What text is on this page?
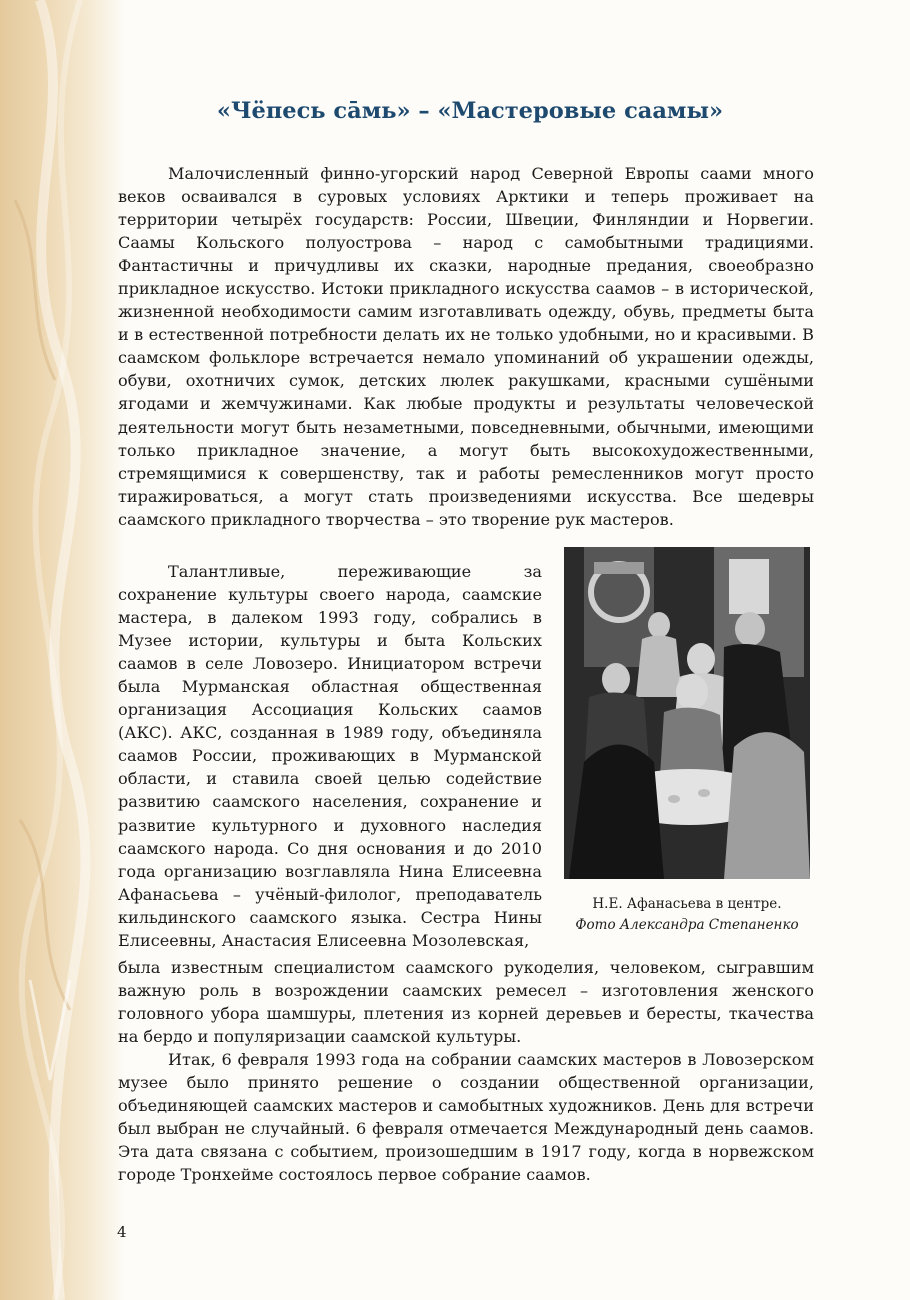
«Чёпесь сāмь» – «Мастеровые саамы»

Малочисленный финно-угорский народ Северной Европы саами много веков осваивался в суровых условиях Арктики и теперь проживает на территории четырёх государств: России, Швеции, Финляндии и Норвегии. Саамы Кольского полуострова – народ с самобытными традициями. Фантастичны и причудливы их сказки, народные предания, своеобразно прикладное искусство. Истоки прикладного искусства саамов – в исторической, жизненной необходимости самим изготавливать одежду, обувь, предметы быта и в естественной потребности делать их не только удобными, но и красивыми. В саамском фольклоре встречается немало упоминаний об украшении одежды, обуви, охотничих сумок, детских люлек ракушками, красными сушёными ягодами и жемчужинами. Как любые продукты и результаты человеческой деятельности могут быть незаметными, повседневными, обычными, имеющими только прикладное значение, а могут быть высокохудожественными, стремящимися к совершенству, так и работы ремесленников могут просто тиражироваться, а могут стать произведениями искусства. Все шедевры саамского прикладного творчества – это творение рук мастеров.

Талантливые, переживающие за сохранение культуры своего народа, саамские мастера, в далеком 1993 году, собрались в Музее истории, культуры и быта Кольских саамов в селе Ловозеро. Инициатором встречи была Мурманская областная общественная организация Ассоциация Кольских саамов (АКС). АКС, созданная в 1989 году, объединяла саамов России, проживающих в Мурманской области, и ставила своей целью содействие развитию саамского населения, сохранение и развитие культурного и духовного наследия саамского народа. Со дня основания и до 2010 года организацию возглавляла Нина Елисеевна Афанасьева – учёный-филолог, преподаватель кильдинского саамского языка. Сестра Нины Елисеевны, Анастасия Елисеевна Мозолевская,

Н.Е. Афанасьева в центре.
Фото Александра Степаненко

была известным специалистом саамского рукоделия, человеком, сыгравшим важную роль в возрождении саамских ремесел – изготовления женского головного убора шамшуры, плетения из корней деревьев и бересты, ткачества на бердо и популяризации саамской культуры.

Итак, 6 февраля 1993 года на собрании саамских мастеров в Ловозерском музее было принято решение о создании общественной организации, объединяющей саамских мастеров и самобытных художников. День для встречи был выбран не случайный. 6 февраля отмечается Международный день саамов. Эта дата связана с событием, произошедшим в 1917 году, когда в норвежском городе Тронхейме состоялось первое собрание саамов.

4
